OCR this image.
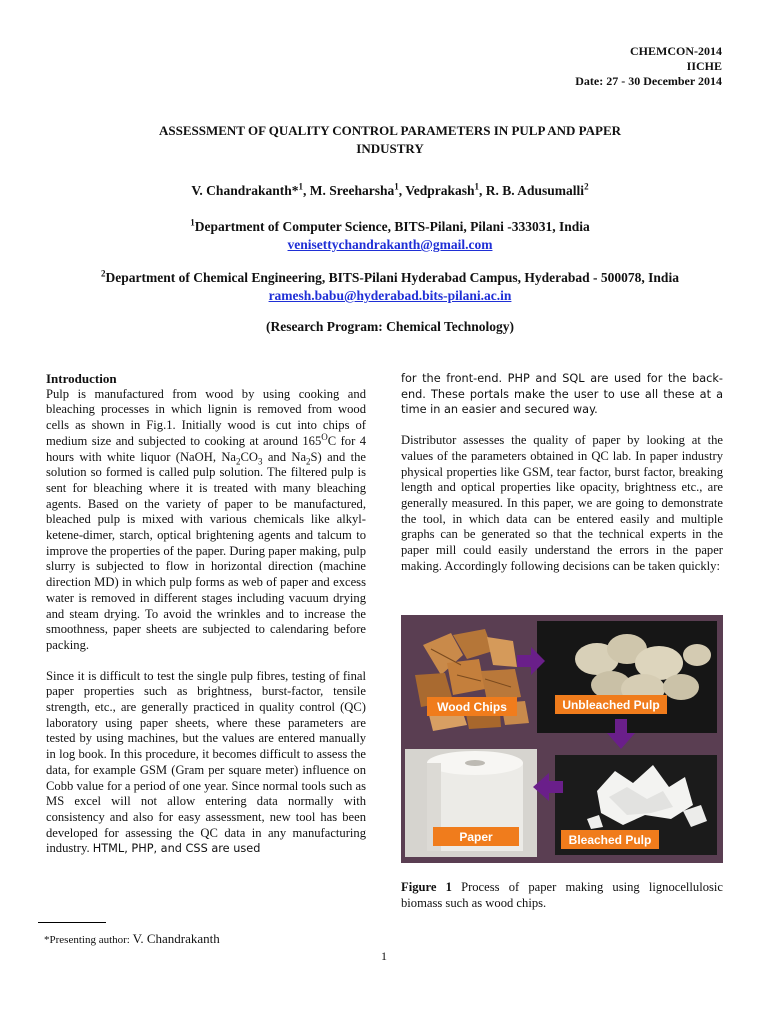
CHEMCON-2014
IICHE
Date: 27 - 30 December 2014
ASSESSMENT OF QUALITY CONTROL PARAMETERS IN PULP AND PAPER
INDUSTRY
V. Chandrakanth*$^1$, M. Sreeharsha$^1$, Vedprakash$^1$, R. B. Adusumalli$^2$
$^1$Department of Computer Science, BITS-Pilani, Pilani -333031, India
venisettychandrakanth@gmail.com
$^2$Department of Chemical Engineering, BITS-Pilani Hyderabad Campus, Hyderabad - 500078, India
ramesh.babu@hyderabad.bits-pilani.ac.in
(Research Program: Chemical Technology)

Introduction

Pulp is manufactured from wood by using cooking and bleaching processes in which lignin is removed from wood cells as shown in Fig.1. Initially wood is cut into chips of medium size and subjected to cooking at around $165^OC$ for 4 hours with white liquor (NaOH, $Na_2CO_3$ and $Na_2S$) and the solution so formed is called pulp solution. The filtered pulp is sent for bleaching where it is treated with many bleaching agents. Based on the variety of paper to be manufactured, bleached pulp is mixed with various chemicals like alkyl-ketene-dimer, starch, optical brightening agents and talcum to improve the properties of the paper. During paper making, pulp slurry is subjected to flow in horizontal direction (machine direction MD) in which pulp forms as web of paper and excess water is removed in different stages including vacuum drying and steam drying. To avoid the wrinkles and to increase the smoothness, paper sheets are subjected to calendaring before packing.

Since it is difficult to test the single pulp fibres, testing of final paper properties such as brightness, burst-factor, tensile strength, etc., are generally practiced in quality control (QC) laboratory using paper sheets, where these parameters are tested by using machines, but the values are entered manually in log book. In this procedure, it becomes difficult to assess the data, for example GSM (Gram per square meter) influence on Cobb value for a period of one year. Since normal tools such as MS excel will not allow entering data normally with consistency and also for easy assessment, new tool has been developed for assessing the QC data in any manufacturing industry. HTML, PHP, and CSS are used

for the front-end. PHP and SQL are used for the back-end. These portals make the user to use all these at a time in an easier and secured way.

Distributor assesses the quality of paper by looking at the values of the parameters obtained in QC lab. In paper industry physical properties like GSM, tear factor, burst factor, breaking length and optical properties like opacity, brightness etc., are generally measured. In this paper, we are going to demonstrate the tool, in which data can be entered easily and multiple graphs can be generated so that the technical experts in the paper mill could easily understand the errors in the paper making. Accordingly following decisions can be taken quickly:

Wood Chips	Unbleached Pulp
Paper	Bleached Pulp
Figure 1 Process of paper making using lignocellulosic biomass such as wood chips.
*Presenting author: V. Chandrakanth
1
